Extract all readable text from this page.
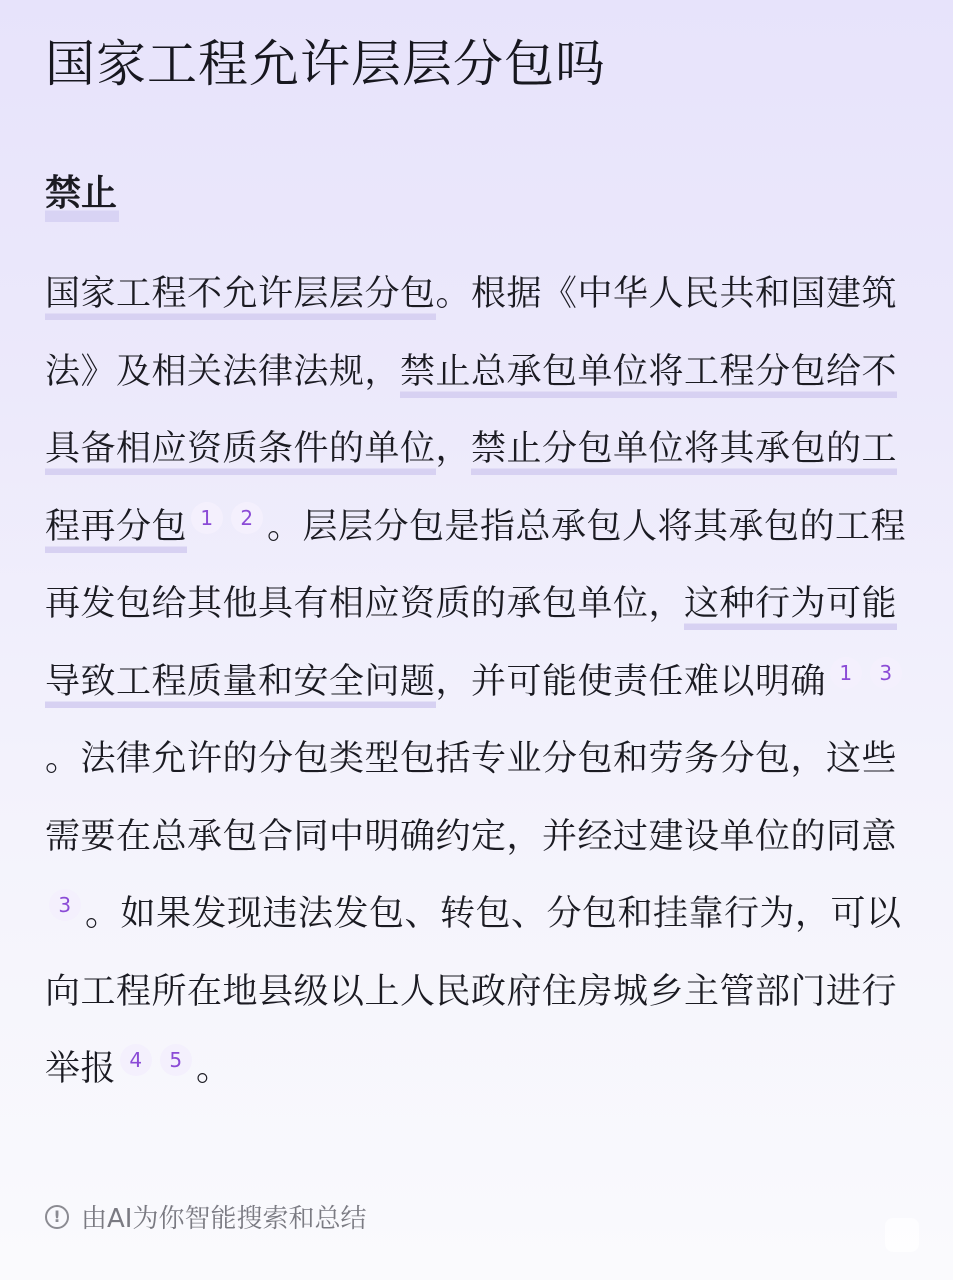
国家工程允许层层分包吗
禁止
国家工程不允许层层分包。根据《中华人民共和国建筑法》及相关法律法规，禁止总承包单位将工程分包给不具备相应资质条件的单位，禁止分包单位将其承包的工程再分包 1 2 。层层分包是指总承包人将其承包的工程再发包给其他具有相应资质的承包单位，这种行为可能导致工程质量和安全问题，并可能使责任难以明确 1 3。法律允许的分包类型包括专业分包和劳务分包，这些需要在总承包合同中明确约定，并经过建设单位的同意3 。如果发现违法发包、转包、分包和挂靠行为，可以向工程所在地县级以上人民政府住房城乡主管部门进行举报 4 5 。
! 由AI为你智能搜索和总结
